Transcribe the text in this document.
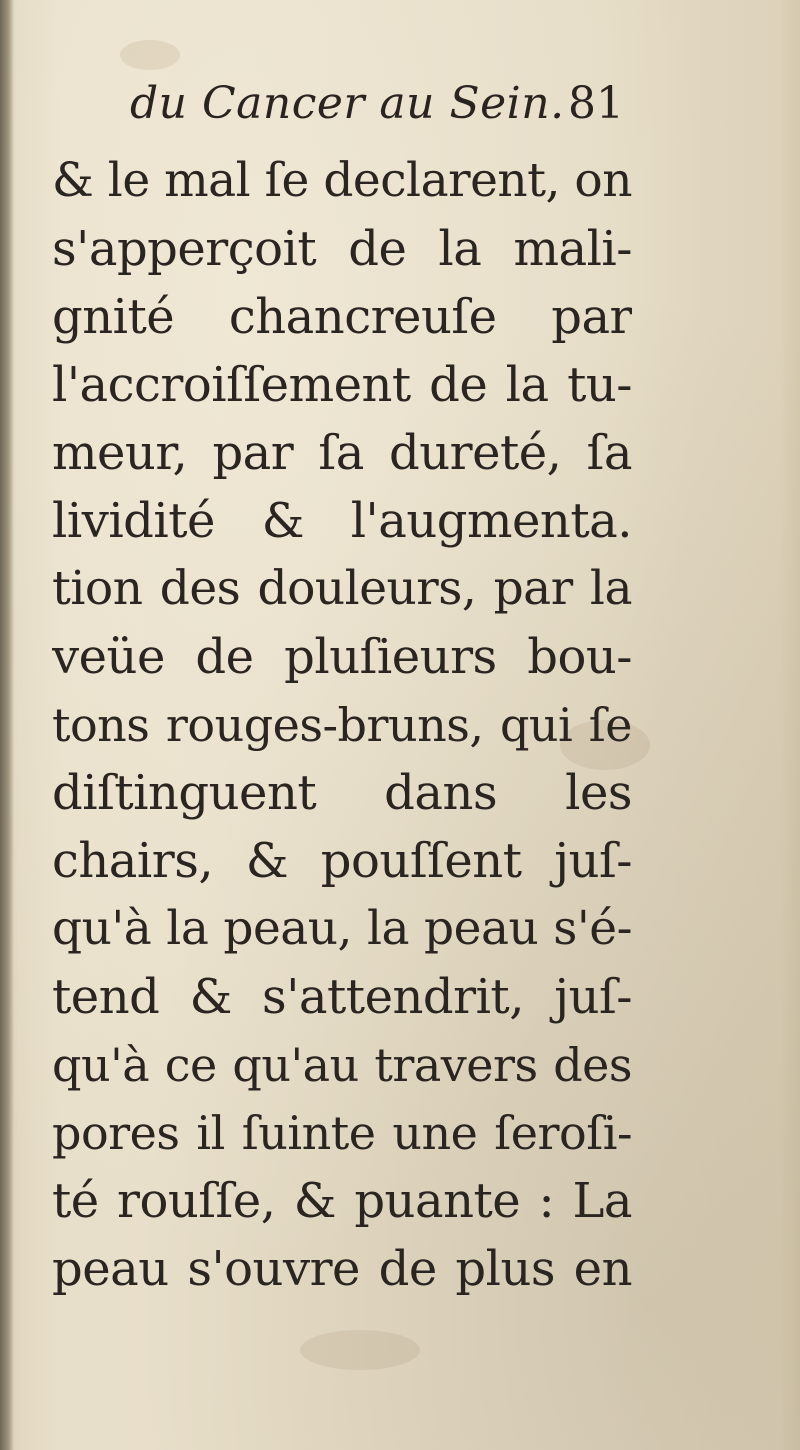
du Cancer au Sein. 81
& le mal ſe declarent, on
s'apperçoit de la mali-
gnité chancreuſe par
l'accroiſſement de la tu-
meur, par ſa dureté, ſa
lividité & l'augmenta.
tion des douleurs, par la
veüe de pluſieurs bou-
tons rouges-bruns, qui ſe
diſtinguent dans les
chairs, & pouſſent juſ-
qu'à la peau, la peau s'é-
tend & s'attendrit, juſ-
qu'à ce qu'au travers des
pores il ſuinte une ſeroſi-
té rouſſe, & puante : La
peau s'ouvre de plus en
